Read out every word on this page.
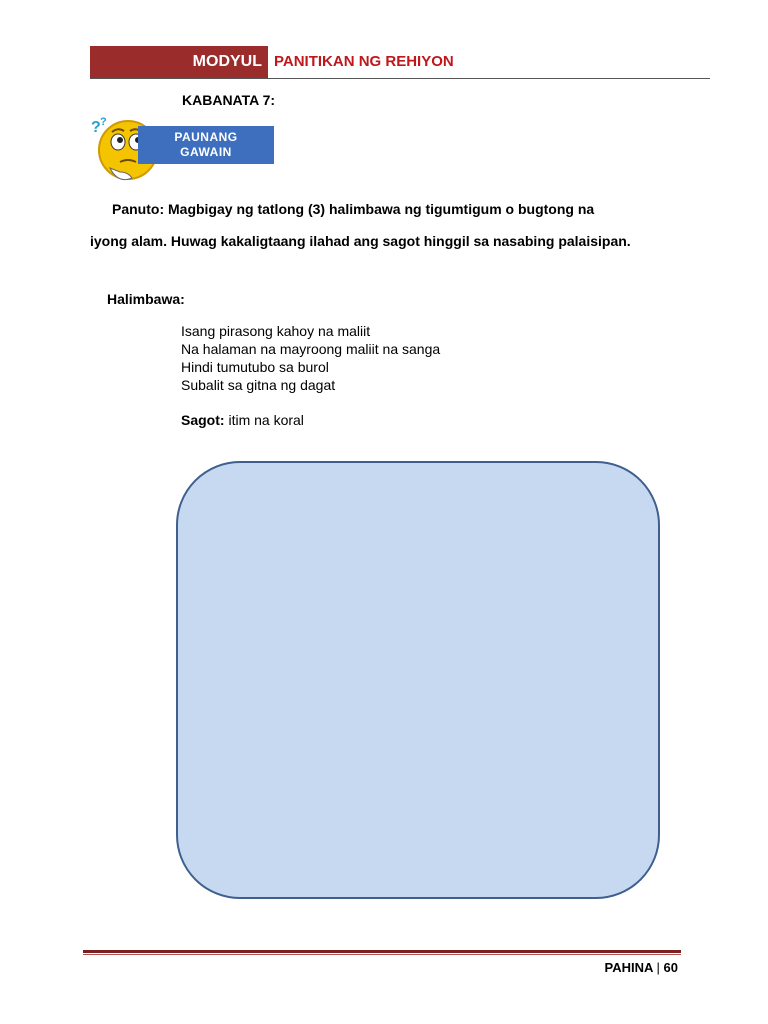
MODYUL PANITIKAN NG REHIYON
KABANATA 7:
? ?
PAUNANG
GAWAIN
Panuto: Magbigay ng tatlong (3) halimbawa ng tigumtigum o bugtong na
iyong alam. Huwag kakaligtaang ilahad ang sagot hinggil sa nasabing palaisipan.
Halimbawa:
Isang pirasong kahoy na maliit
Na halaman na mayroong maliit na sanga
Hindi tumutubo sa burol
Subalit sa gitna ng dagat
Sagot: itim na koral
PAHINA | 60
